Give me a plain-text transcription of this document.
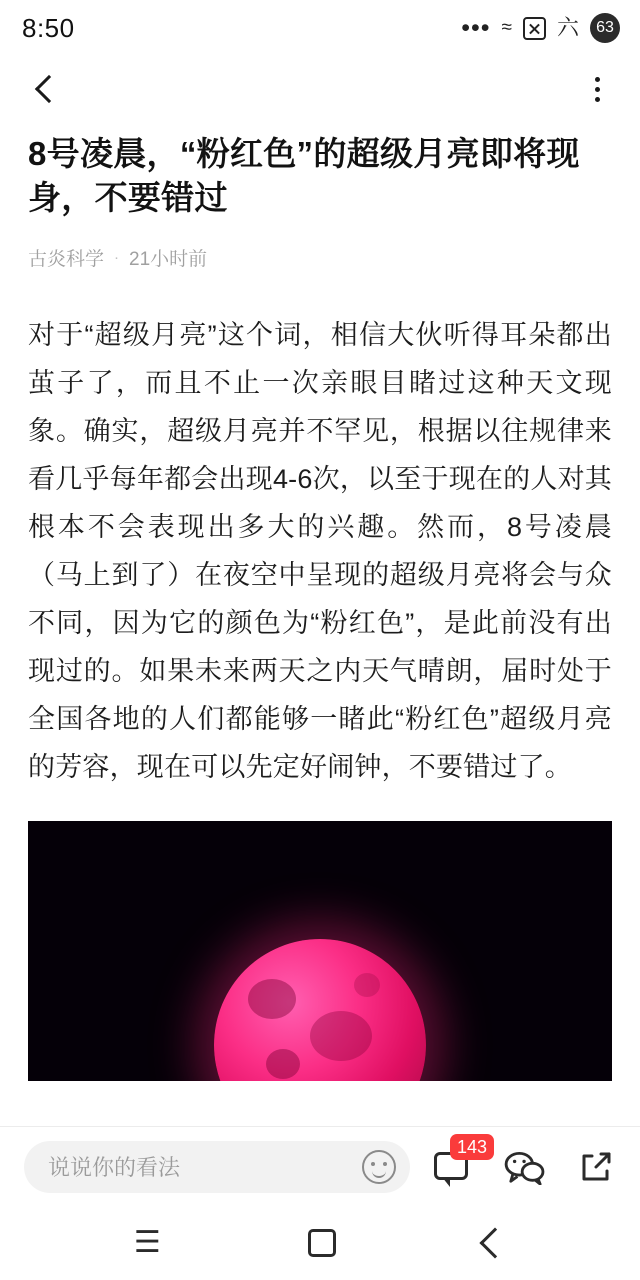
8:50	••• ≈ 六	63
8号凌晨，“粉红色”的超级月亮即将现身，不要错过
古炎科学 · 21小时前

对于“超级月亮”这个词，相信大伙听得耳朵都出茧子了，而且不止一次亲眼目睹过这种天文现象。确实，超级月亮并不罕见，根据以往规律来看几乎每年都会出现4-6次，以至于现在的人对其根本不会表现出多大的兴趣。然而，8号凌晨（马上到了）在夜空中呈现的超级月亮将会与众不同，因为它的颜色为“粉红色”，是此前没有出现过的。如果未来两天之内天气晴朗，届时处于全国各地的人们都能够一睹此“粉红色”超级月亮的芳容，现在可以先定好闹钟，不要错过了。

说说你的看法
143
☰
